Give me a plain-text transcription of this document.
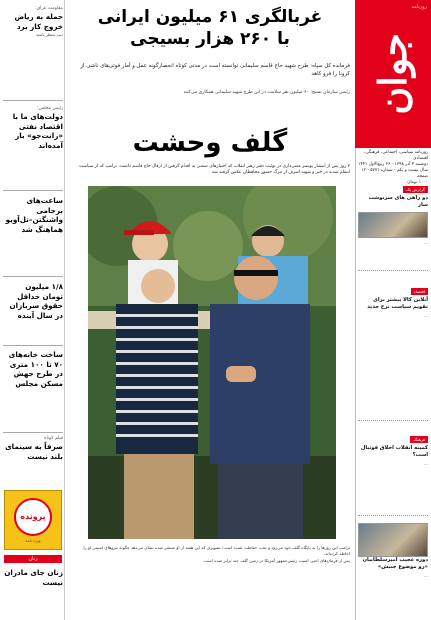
روزنامه
جوان
روزنامه سیاسی، اجتماعی، فرهنگی، اقتصادی
دوشنبه ۴ آذر ۱۳۹۸ - ۲۶ ربیع‌الاول ۱۴۴۱
سال بیست و یکم - شماره ۵۷۷۱ - ۱۲ صفحه
۱۰۰۰ تومان
گزارش یک
دو راهی های سرنوشت ساز
...
اقتصاد
آنلاین کالا بیشتر برای تقویم سیاست نرخ جدید
...
فرهنگ
کمیته انقلاب اخلاق فوتبال است؟
...
دوره عجیب امیرسلطانیان «رو موضوع جنبش»
...
مقاومت عراق:
حمله به ریاض خروج کار برد
دیپ منتظر باشند
رئیس مجلس:
دولت‌های ما با اقتصاد نفتی «رانت‌جو» بار آمده‌اند
ساعت‌های برجامی واشنگتن–تل‌آویو هماهنگ شد
۱/۸ میلیون تومان حداقل حقوق سربازان در سال آینده
ساخت خانه‌های ۷۰ تا ۱۰۰ متری در طرح جهش مسکن مجلس
فیلم کوتاه
صرفاً به سینمای بلند نیست
پرونده
ویژه نامه
زنان
زنان جای مادران نیست
غربالگری ۶۱ میلیون ایرانی
با ۲۶۰ هزار بسیجی
فرمانده کل سپاه: طرح شهید حاج قاسم سلیمانی توانسته است در مدتی کوتاه انحصارگونه عمل و آمار فوتی‌های ناشی از کرونا را فرو کاهد
رئیس سازمان بسیج: ۶۰ میلیون نفر سلامت در این طرح شهید سلیمانی همکاری می‌کنند
گلف وحشت
۲ روز پس از انتشار پوستر معنی‌داری در توئیت دفتر رهبر انقلاب که اختیارهای ضمنی به اقدام گرفتن از ارقال حاج قاسم داشت، ترامپ که از سیاست انتقام شدید در خبر و شهید اشرف از مرگ حضور محافظان عکس گرفته شد

ترامپ این روزها را به پایگاه گلف خود می‌رود و تحت حفاظت شدید است؛ تصویری که این هفته از او منتشر شده نشان می‌دهد چگونه نیروهای امنیتی او را احاطه کرده‌اند.

پس از فرمان‌های اخیر، امنیت رئیس‌جمهور آمریکا در زمین گلف چند برابر شده است.
